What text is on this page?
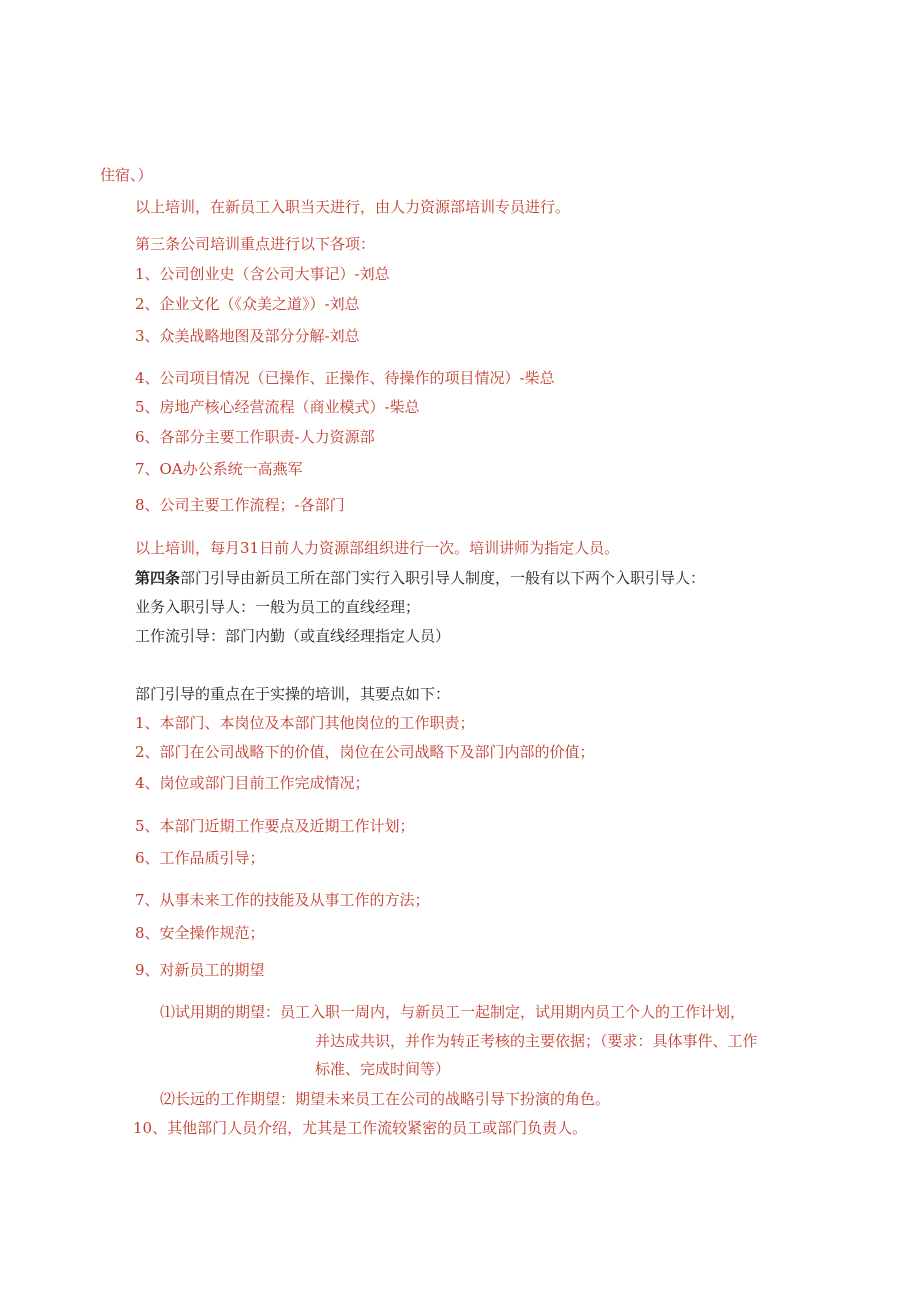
住宿、）

以上培训，在新员工入职当天进行，由人力资源部培训专员进行。

第三条公司培训重点进行以下各项：

1、公司创业史（含公司大事记）-刘总

2、企业文化（《众美之道》）-刘总

3、众美战略地图及部分分解-刘总

4、公司项目情况（已操作、正操作、待操作的项目情况）-柴总

5、房地产核心经营流程（商业模式）-柴总

6、各部分主要工作职责-人力资源部

7、OA办公系统一高燕军

8、公司主要工作流程；-各部门

以上培训，每月31日前人力资源部组织进行一次。培训讲师为指定人员。

第四条部门引导由新员工所在部门实行入职引导人制度，一般有以下两个入职引导人：

业务入职引导人：一般为员工的直线经理；

工作流引导：部门内勤（或直线经理指定人员）

部门引导的重点在于实操的培训，其要点如下：

1、本部门、本岗位及本部门其他岗位的工作职责；

2、部门在公司战略下的价值，岗位在公司战略下及部门内部的价值；

4、岗位或部门目前工作完成情况；

5、本部门近期工作要点及近期工作计划；

6、工作品质引导；

7、从事未来工作的技能及从事工作的方法；

8、安全操作规范；

9、对新员工的期望

⑴试用期的期望：员工入职一周内，与新员工一起制定，试用期内员工个人的工作计划，

并达成共识，并作为转正考核的主要依据；（要求：具体事件、工作

标准、完成时间等）

⑵长远的工作期望：期望未来员工在公司的战略引导下扮演的角色。

10、其他部门人员介绍，尤其是工作流较紧密的员工或部门负责人。
